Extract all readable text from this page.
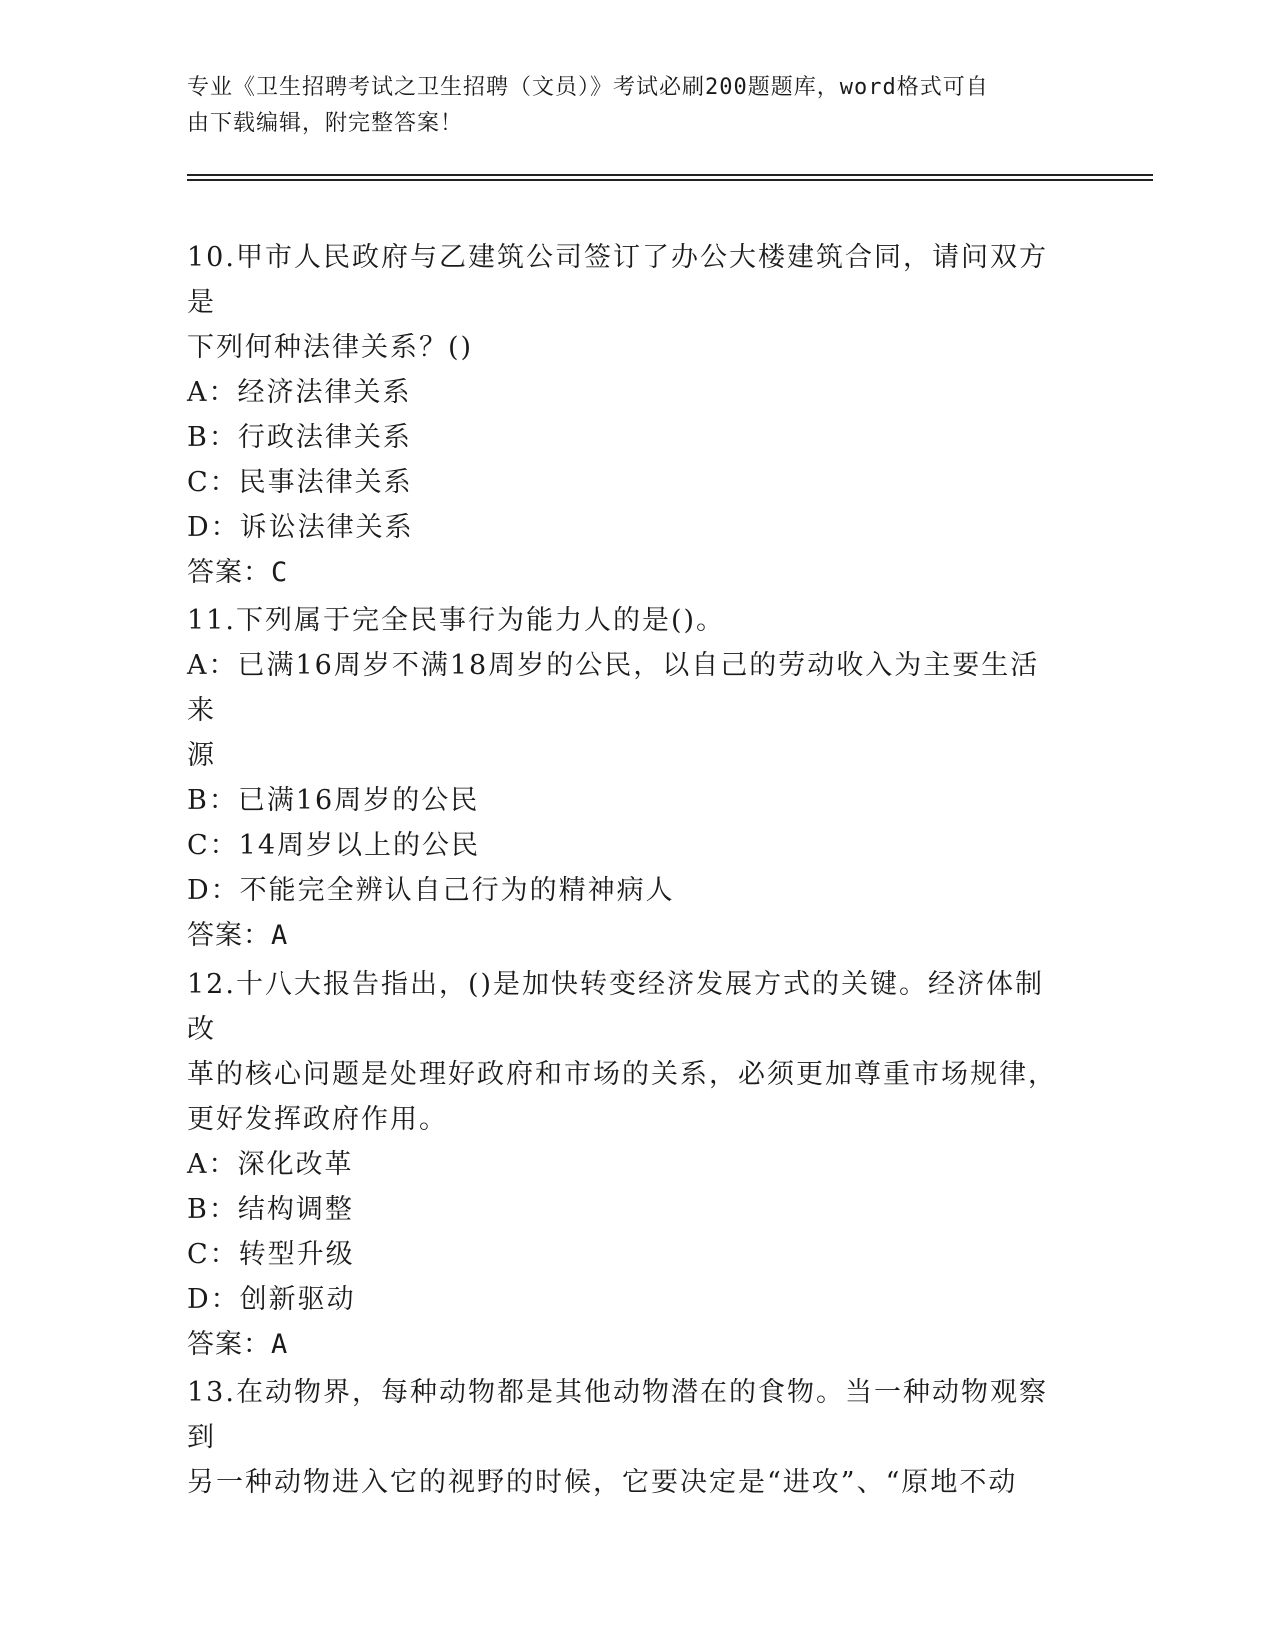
专业《卫生招聘考试之卫生招聘（文员）》考试必刷200题题库，word格式可自

由下载编辑，附完整答案！

10.甲市人民政府与乙建筑公司签订了办公大楼建筑合同，请问双方是

下列何种法律关系？()

A：经济法律关系

B：行政法律关系

C：民事法律关系

D：诉讼法律关系

答案：C

11.下列属于完全民事行为能力人的是()。

A：已满16周岁不满18周岁的公民，以自己的劳动收入为主要生活来

源

B：已满16周岁的公民

C：14周岁以上的公民

D：不能完全辨认自己行为的精神病人

答案：A

12.十八大报告指出，()是加快转变经济发展方式的关键。经济体制改

革的核心问题是处理好政府和市场的关系，必须更加尊重市场规律，

更好发挥政府作用。

A：深化改革

B：结构调整

C：转型升级

D：创新驱动

答案：A

13.在动物界，每种动物都是其他动物潜在的食物。当一种动物观察到

另一种动物进入它的视野的时候，它要决定是“进攻”、“原地不动
